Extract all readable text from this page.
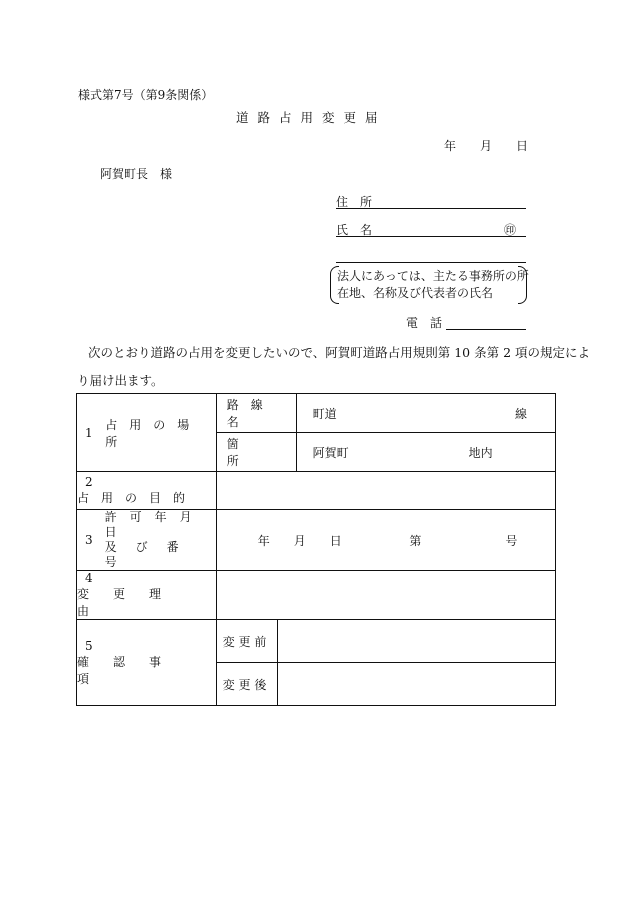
様式第7号（第9条関係）
道路占用変更届
年　　月　　日
阿賀町長　様
住　所
氏　名	㊞
法人にあっては、主たる事務所の所
在地、名称及び代表者の氏名
電　話
次のとおり道路の占用を変更したいので、阿賀町道路占用規則第 10 条第 2 項の規定によ
り届け出ます。
1
占用の場所	路線名		町道 線

	箇所		阿賀町 地内

2 占用の目的			

3
許可年月日
及び番号	年　　月　　日 第　　　　　　　号		

4 変更理由			
5 確認事項	変 更 前		
	変 更 後		
